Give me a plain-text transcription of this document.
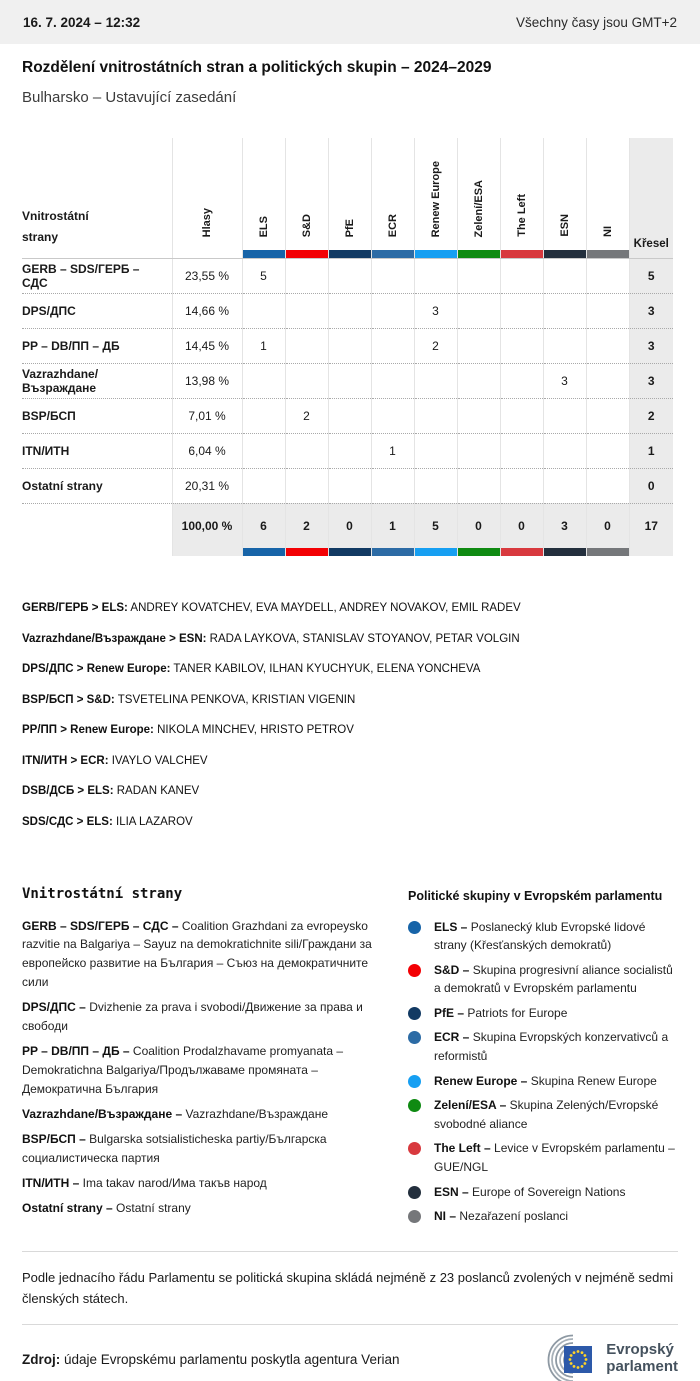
16. 7. 2024 – 12:32	Všechny časy jsou GMT+2
Rozdělení vnitrostátních stran a politických skupin – 2024–2029
Bulharsko – Ustavující zasedání
Vnitrostátní strany	Hlasy	ELS	S&D	PfE	ECR	Renew Europe	Zelení/ESA	The Left	ESN	NI	Křesel

GERB – SDS/ГЕРБ – СДС	23,55 %	5									5
DPS/ДПС	14,66 %					3					3
PP – DB/ПП – ДБ	14,45 %	1				2					3
Vazrazhdane/Възраждане	13,98 %								3		3
BSP/БСП	7,01 %		2								2
ITN/ИТН	6,04 %				1						1
Ostatní strany	20,31 %										0
	100,00 %	6	2	0	1	5	0	0	3	0	17

GERB/ГЕРБ > ELS: ANDREY KOVATCHEV, EVA MAYDELL, ANDREY NOVAKOV, EMIL RADEV

Vazrazhdane/Възраждане > ESN: RADA LAYKOVA, STANISLAV STOYANOV, PETAR VOLGIN

DPS/ДПС > Renew Europe: TANER KABILOV, ILHAN KYUCHYUK, ELENA YONCHEVA

BSP/БСП > S&D: TSVETELINA PENKOVA, KRISTIAN VIGENIN

PP/ПП > Renew Europe: NIKOLA MINCHEV, HRISTO PETROV

ITN/ИТН > ECR: IVAYLO VALCHEV

DSB/ДСБ > ELS: RADAN KANEV

SDS/СДС > ELS: ILIA LAZAROV

Vnitrostátní strany

GERB – SDS/ГЕРБ – СДС – Coalition Grazhdani za evropeysko razvitie na Balgariya – Sayuz na demokratichnite sili/Граждани за европейско развитие на България – Съюз на демократичните сили

DPS/ДПС – Dvizhenie za prava i svobodi/Движение за права и свободи

PP – DB/ПП – ДБ – Coalition Prodalzhavame promyanata – Demokratichna Balgariya/Продължаваме промяната – Демократична България

Vazrazhdane/Възраждане – Vazrazhdane/Възраждане

BSP/БСП – Bulgarska sotsialisticheska partiy/Българска социалистическа партия

ITN/ИТН – Ima takav narod/Има такъв народ

Ostatní strany – Ostatní strany

Politické skupiny v Evropském parlamentu
ELS – Poslanecký klub Evropské lidové strany (Křesťanských demokratů)
S&D – Skupina progresivní aliance socialistů a demokratů v Evropském parlamentu
PfE – Patriots for Europe
ECR – Skupina Evropských konzervativců a reformistů
Renew Europe – Skupina Renew Europe
Zelení/ESA – Skupina Zelených/Evropské svobodné aliance
The Left – Levice v Evropském parlamentu – GUE/NGL
ESN – Europe of Sovereign Nations
NI – Nezařazení poslanci

Podle jednacího řádu Parlamentu se politická skupina skládá nejméně z 23 poslanců zvolených v nejméně sedmi členských státech.

Zdroj: údaje Evropskému parlamentu poskytla agentura Verian
Evropský
parlament
